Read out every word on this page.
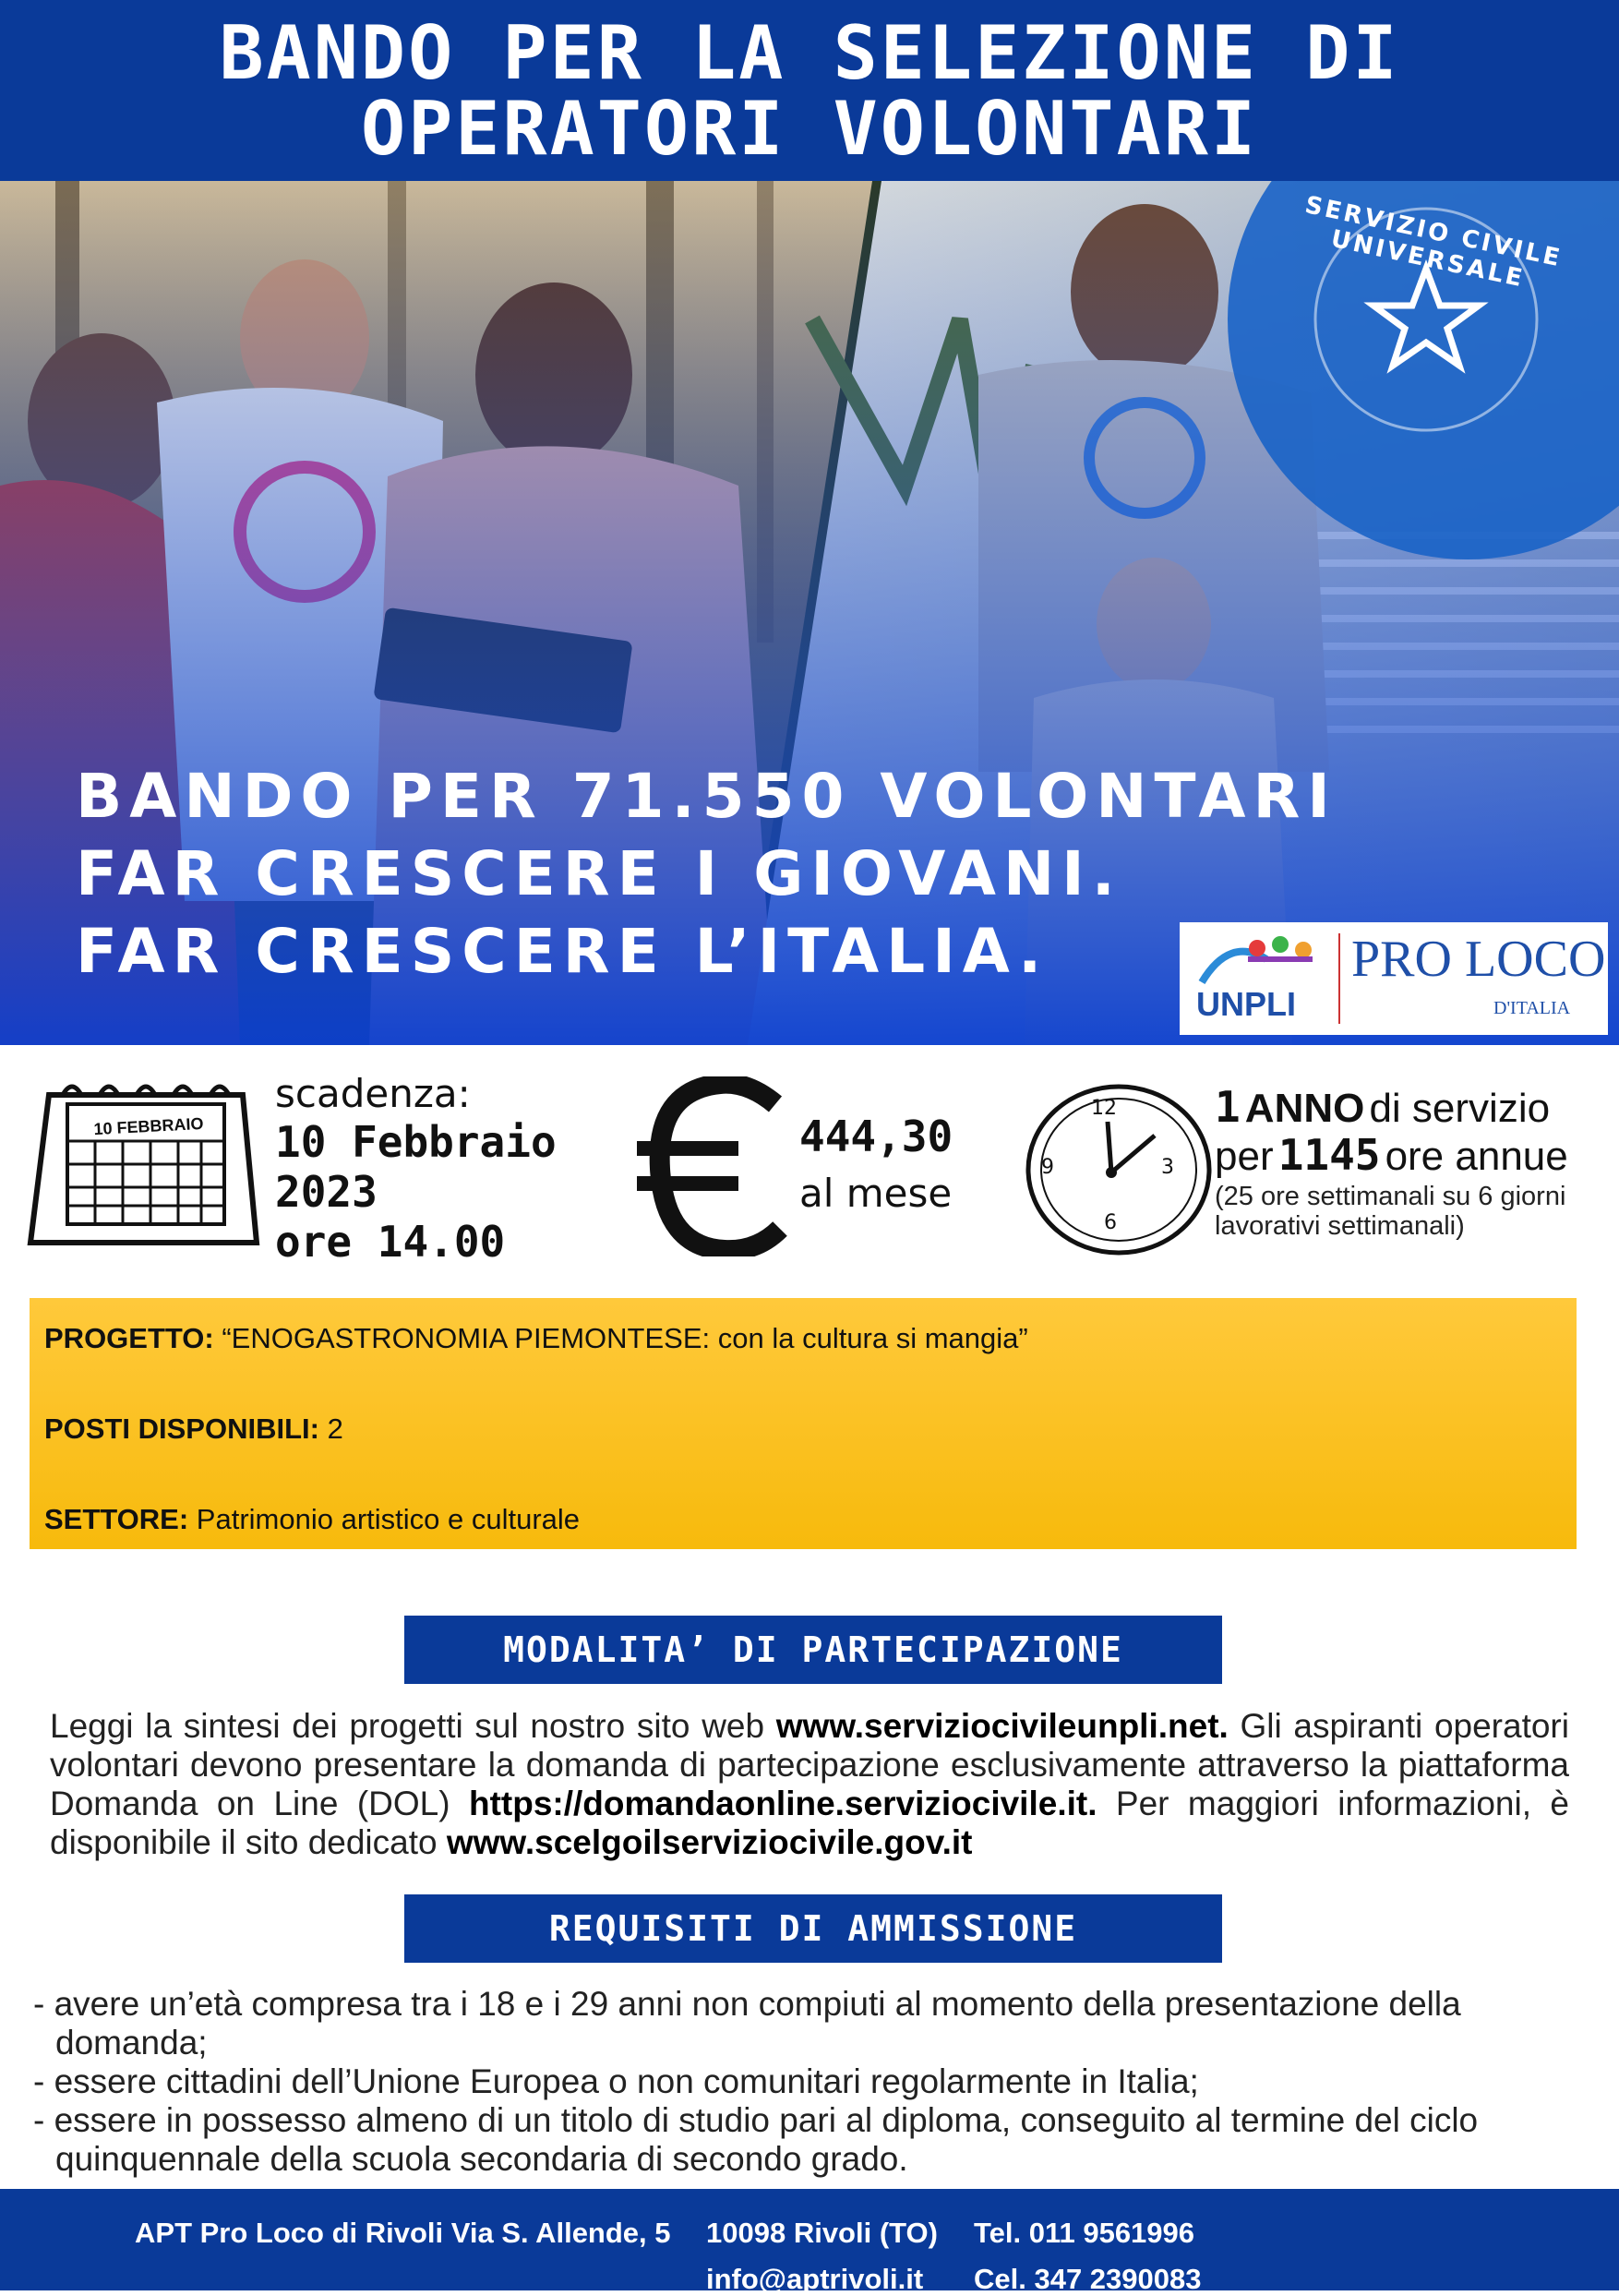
BANDO PER LA SELEZIONE DI
OPERATORI VOLONTARI
SERVIZIO CIVILE UNIVERSALE
BANDO PER 71.550 VOLONTARI
FAR CRESCERE I GIOVANI.
FAR CRESCERE L’ITALIA.
UNPLI
PRO LOCO
D'ITALIA
10 FEBBRAIO
scadenza:
10 Febbraio
2023
ore 14.00
444,30
al mese
12
3
6
9
1 ANNO di servizio
per 1145 ore annue
(25 ore settimanali su 6 giorni
lavorativi settimanali)
PROGETTO: “ENOGASTRONOMIA PIEMONTESE: con la cultura si mangia”
POSTI DISPONIBILI: 2
SETTORE: Patrimonio artistico e culturale
MODALITA’ DI PARTECIPAZIONE
Leggi la sintesi dei progetti sul nostro sito web www.serviziocivileunpli.net. Gli aspiranti operatori volontari devono presentare la domanda di partecipazione esclusivamente attraverso la piattaforma Domanda on Line (DOL) https://domandaonline.serviziocivile.it. Per maggiori informazioni, è disponibile il sito dedicato www.scelgoilserviziocivile.gov.it
REQUISITI DI AMMISSIONE
- avere un’età compresa tra i 18 e i 29 anni non compiuti al momento della presentazione della domanda;
- essere cittadini dell’Unione Europea o non comunitari regolarmente in Italia;
- essere in possesso almeno di un titolo di studio pari al diploma, conseguito al termine del ciclo quinquennale della scuola secondaria di secondo grado.
APT Pro Loco di Rivoli Via S. Allende, 5 10098 Rivoli (TO) Tel. 011 9561996
info@aptrivoli.it Cel. 347 2390083
